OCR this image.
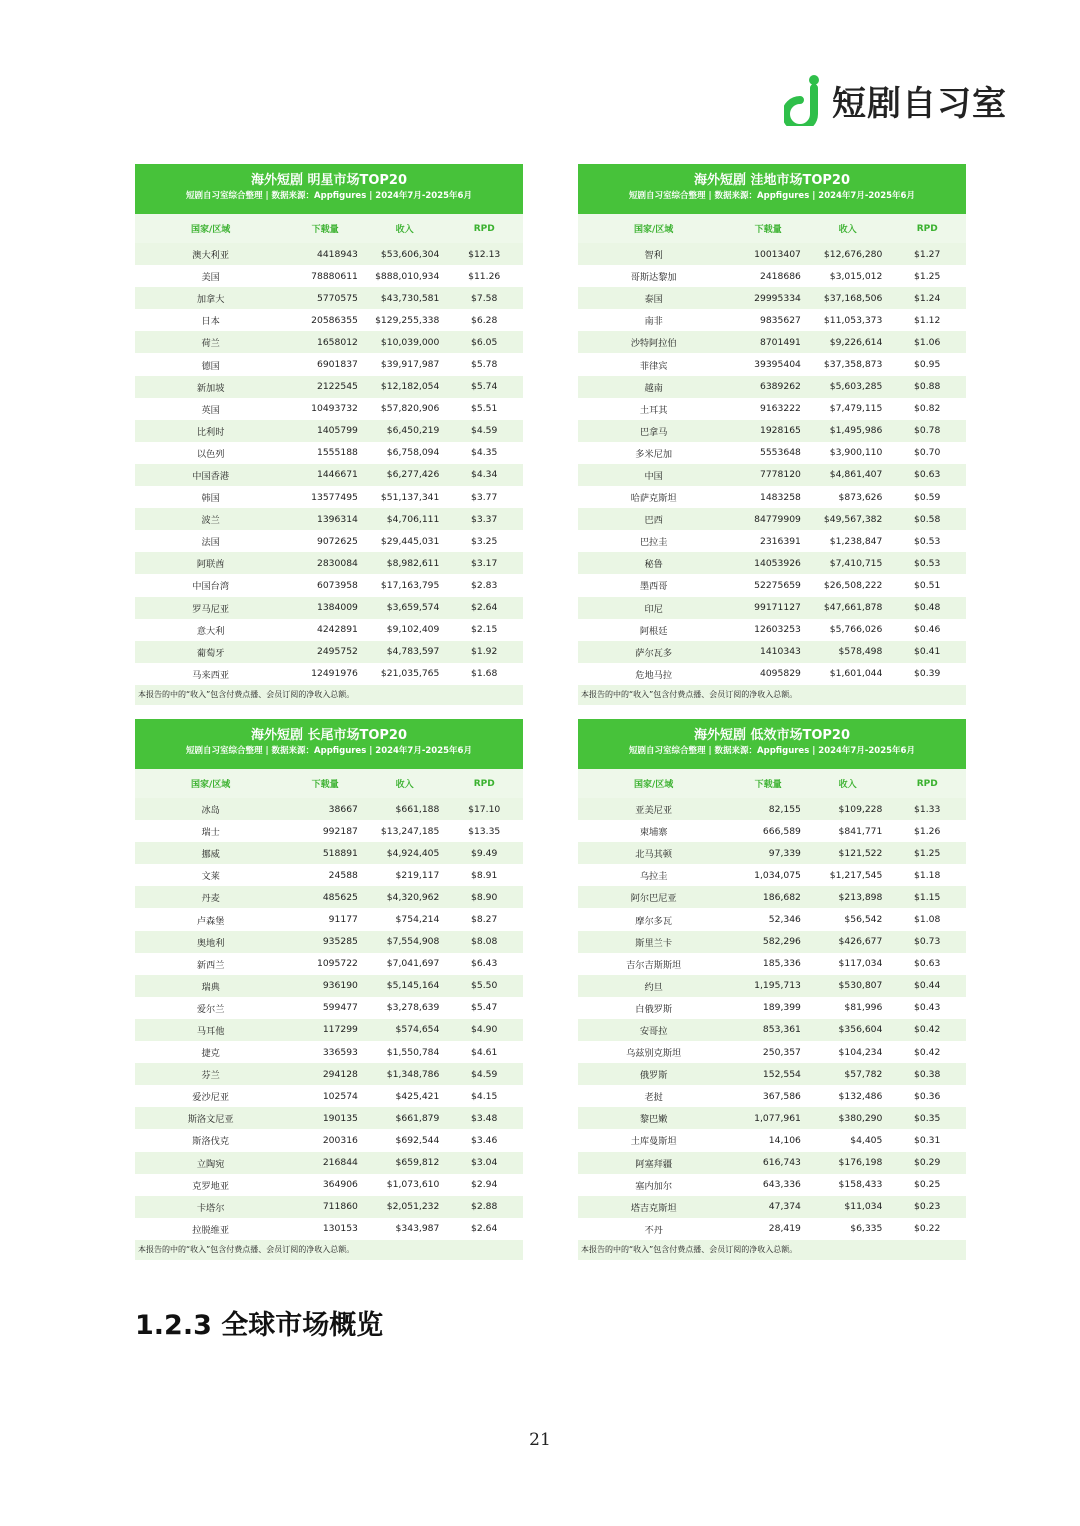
短剧自习室
海外短剧 明星市场TOP20
短剧自习室综合整理 | 数据来源：Appfigures | 2024年7月-2025年6月
国家/区域	下载量	收入	RPD
澳大利亚	4418943	$53,606,304	$12.13
美国	78880611	$888,010,934	$11.26
加拿大	5770575	$43,730,581	$7.58
日本	20586355	$129,255,338	$6.28
荷兰	1658012	$10,039,000	$6.05
德国	6901837	$39,917,987	$5.78
新加坡	2122545	$12,182,054	$5.74
英国	10493732	$57,820,906	$5.51
比利时	1405799	$6,450,219	$4.59
以色列	1555188	$6,758,094	$4.35
中国香港	1446671	$6,277,426	$4.34
韩国	13577495	$51,137,341	$3.77
波兰	1396314	$4,706,111	$3.37
法国	9072625	$29,445,031	$3.25
阿联酋	2830084	$8,982,611	$3.17
中国台湾	6073958	$17,163,795	$2.83
罗马尼亚	1384009	$3,659,574	$2.64
意大利	4242891	$9,102,409	$2.15
葡萄牙	2495752	$4,783,597	$1.92
马来西亚	12491976	$21,035,765	$1.68
本报告的中的“收入”包含付费点播、会员订阅的净收入总额。
海外短剧 洼地市场TOP20
短剧自习室综合整理 | 数据来源：Appfigures | 2024年7月-2025年6月
国家/区域	下载量	收入	RPD
智利	10013407	$12,676,280	$1.27
哥斯达黎加	2418686	$3,015,012	$1.25
泰国	29995334	$37,168,506	$1.24
南非	9835627	$11,053,373	$1.12
沙特阿拉伯	8701491	$9,226,614	$1.06
菲律宾	39395404	$37,358,873	$0.95
越南	6389262	$5,603,285	$0.88
土耳其	9163222	$7,479,115	$0.82
巴拿马	1928165	$1,495,986	$0.78
多米尼加	5553648	$3,900,110	$0.70
中国	7778120	$4,861,407	$0.63
哈萨克斯坦	1483258	$873,626	$0.59
巴西	84779909	$49,567,382	$0.58
巴拉圭	2316391	$1,238,847	$0.53
秘鲁	14053926	$7,410,715	$0.53
墨西哥	52275659	$26,508,222	$0.51
印尼	99171127	$47,661,878	$0.48
阿根廷	12603253	$5,766,026	$0.46
萨尔瓦多	1410343	$578,498	$0.41
危地马拉	4095829	$1,601,044	$0.39
本报告的中的“收入”包含付费点播、会员订阅的净收入总额。
海外短剧 长尾市场TOP20
短剧自习室综合整理 | 数据来源：Appfigures | 2024年7月-2025年6月
国家/区域	下载量	收入	RPD
冰岛	38667	$661,188	$17.10
瑞士	992187	$13,247,185	$13.35
挪威	518891	$4,924,405	$9.49
文莱	24588	$219,117	$8.91
丹麦	485625	$4,320,962	$8.90
卢森堡	91177	$754,214	$8.27
奥地利	935285	$7,554,908	$8.08
新西兰	1095722	$7,041,697	$6.43
瑞典	936190	$5,145,164	$5.50
爱尔兰	599477	$3,278,639	$5.47
马耳他	117299	$574,654	$4.90
捷克	336593	$1,550,784	$4.61
芬兰	294128	$1,348,786	$4.59
爱沙尼亚	102574	$425,421	$4.15
斯洛文尼亚	190135	$661,879	$3.48
斯洛伐克	200316	$692,544	$3.46
立陶宛	216844	$659,812	$3.04
克罗地亚	364906	$1,073,610	$2.94
卡塔尔	711860	$2,051,232	$2.88
拉脱维亚	130153	$343,987	$2.64
本报告的中的“收入”包含付费点播、会员订阅的净收入总额。
海外短剧 低效市场TOP20
短剧自习室综合整理 | 数据来源：Appfigures | 2024年7月-2025年6月
国家/区域	下载量	收入	RPD
亚美尼亚	82,155	$109,228	$1.33
柬埔寨	666,589	$841,771	$1.26
北马其顿	97,339	$121,522	$1.25
乌拉圭	1,034,075	$1,217,545	$1.18
阿尔巴尼亚	186,682	$213,898	$1.15
摩尔多瓦	52,346	$56,542	$1.08
斯里兰卡	582,296	$426,677	$0.73
吉尔吉斯斯坦	185,336	$117,034	$0.63
约旦	1,195,713	$530,807	$0.44
白俄罗斯	189,399	$81,996	$0.43
安哥拉	853,361	$356,604	$0.42
乌兹别克斯坦	250,357	$104,234	$0.42
俄罗斯	152,554	$57,782	$0.38
老挝	367,586	$132,486	$0.36
黎巴嫩	1,077,961	$380,290	$0.35
土库曼斯坦	14,106	$4,405	$0.31
阿塞拜疆	616,743	$176,198	$0.29
塞内加尔	643,336	$158,433	$0.25
塔吉克斯坦	47,374	$11,034	$0.23
不丹	28,419	$6,335	$0.22
本报告的中的“收入”包含付费点播、会员订阅的净收入总额。
1.2.3 全球市场概览
21
